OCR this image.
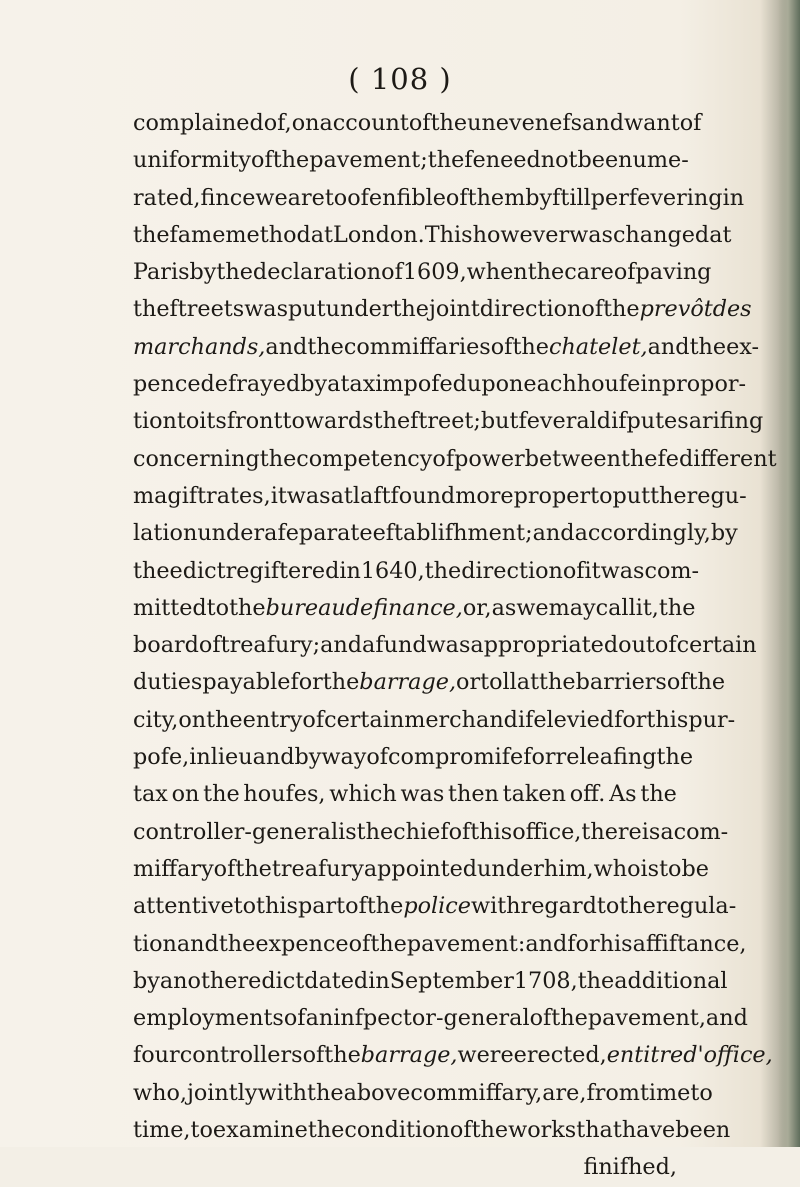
( 108 )
complained of, on account of the unevenefs and want of
uniformity of the pavement; thefe need not be enume-
rated, fince we are too fenfible of them by ftill perfevering in
the fame method at London. This however was changed at
Paris by the declaration of 1609, when the care of paving
the ftreets was put under the joint direction of the prevôt des
marchands, and the commiffaries of the chatelet, and the ex-
pence defrayed by a tax impofed upon each houfe in propor-
tion to its front towards the ftreet; but feveral difputes arifing
concerning the competency of power between thefe different
magiftrates, it was at laft found more proper to put the regu-
lation under a feparate eftablifhment; and accordingly, by
the edict regiftered in 1640, the direction of it was com-
mitted to the bureau de finance, or, as we may call it, the
board of treafury; and a fund was appropriated out of certain
duties payable for the barrage, or toll at the barriers of the
city, on the entry of certain merchandife levied for this pur-
pofe, in lieu and by way of compromife for releafing the
tax on the houfes, which was then taken off. As the
controller-general is the chief of this office, there is a com-
miffary of the treafury appointed under him, who is to be
attentive to this part of the police with regard to the regula-
tion and the expence of the pavement: and for his affiftance,
by another edict dated in September 1708, the additional
employments of an infpector-general of the pavement, and
four controllers of the barrage, were erected, en titre d'office,
who, jointly with the above commiffary, are, from time to
time, to examine the condition of the works that have been
finifhed,
